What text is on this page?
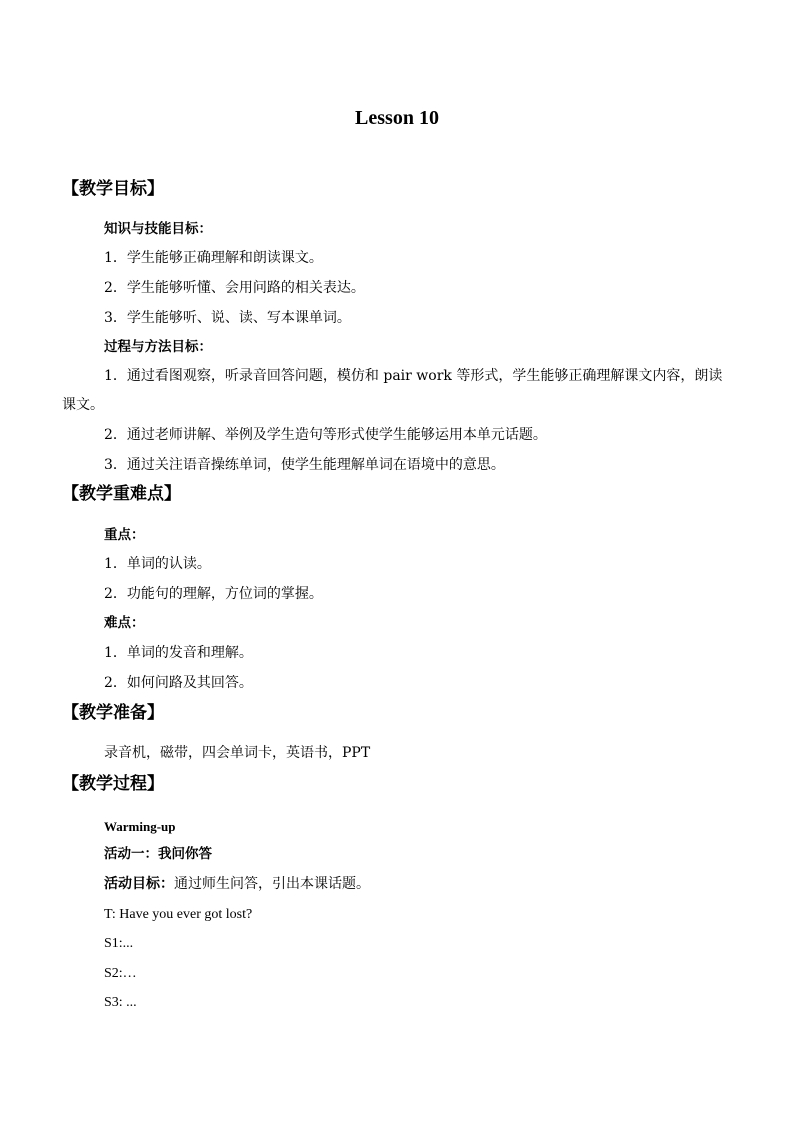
Lesson 10
【教学目标】
知识与技能目标：
1．学生能够正确理解和朗读课文。
2．学生能够听懂、会用问路的相关表达。
3．学生能够听、说、读、写本课单词。
过程与方法目标：
1．通过看图观察，听录音回答问题，模仿和 pair work 等形式，学生能够正确理解课文内容，朗读课文。
2．通过老师讲解、举例及学生造句等形式使学生能够运用本单元话题。
3．通过关注语音操练单词，使学生能理解单词在语境中的意思。
【教学重难点】
重点：
1．单词的认读。
2．功能句的理解，方位词的掌握。
难点：
1．单词的发音和理解。
2．如何问路及其回答。
【教学准备】
录音机，磁带，四会单词卡，英语书，PPT
【教学过程】
Warming-up
活动一：我问你答
活动目标：通过师生问答，引出本课话题。
T: Have you ever got lost?
S1:...
S2:…
S3: ...
